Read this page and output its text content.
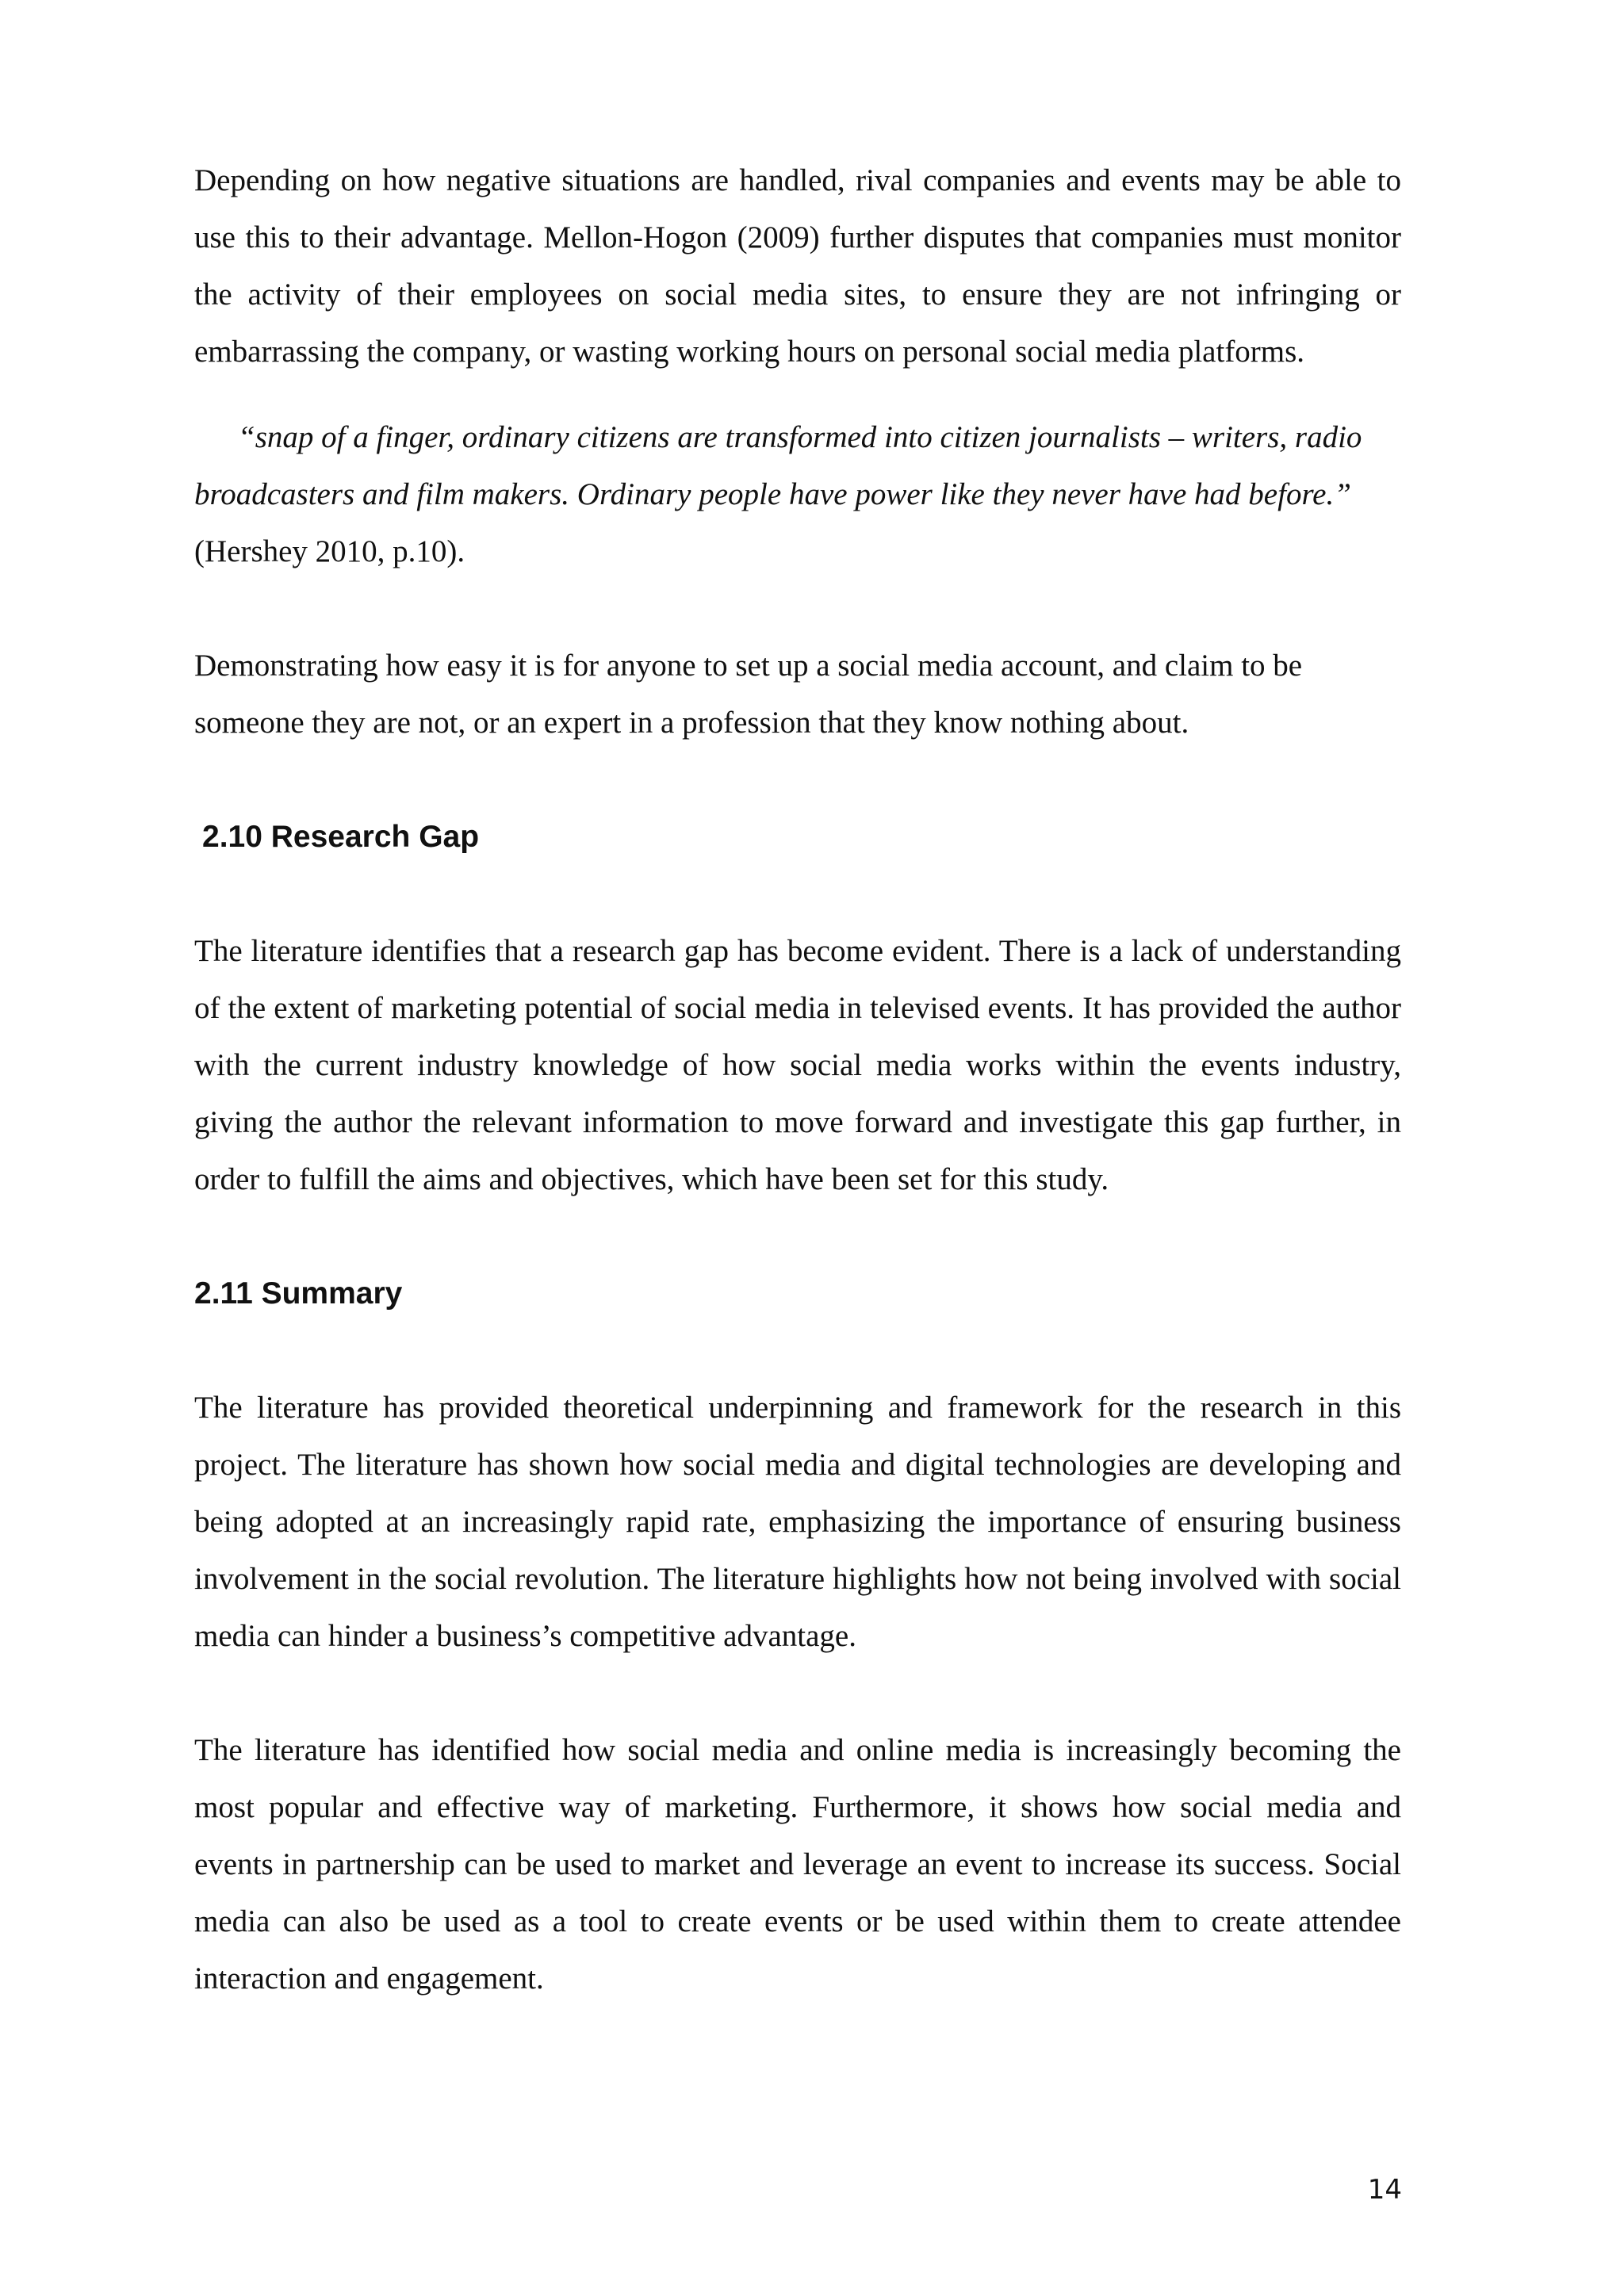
Depending on how negative situations are handled, rival companies and events may be able to use this to their advantage. Mellon-Hogon (2009) further disputes that companies must monitor the activity of their employees on social media sites, to ensure they are not infringing or embarrassing the company, or wasting working hours on personal social media platforms.

“snap of a finger, ordinary citizens are transformed into citizen journalists – writers, radio broadcasters and film makers. Ordinary people have power like they never have had before.” (Hershey 2010, p.10).

Demonstrating how easy it is for anyone to set up a social media account, and claim to be someone they are not, or an expert in a profession that they know nothing about.

2.10 Research Gap

The literature identifies that a research gap has become evident. There is a lack of understanding of the extent of marketing potential of social media in televised events. It has provided the author with the current industry knowledge of how social media works within the events industry, giving the author the relevant information to move forward and investigate this gap further, in order to fulfill the aims and objectives, which have been set for this study.

2.11 Summary

The literature has provided theoretical underpinning and framework for the research in this project. The literature has shown how social media and digital technologies are developing and being adopted at an increasingly rapid rate, emphasizing the importance of ensuring business involvement in the social revolution. The literature highlights how not being involved with social media can hinder a business’s competitive advantage.

The literature has identified how social media and online media is increasingly becoming the most popular and effective way of marketing. Furthermore, it shows how social media and events in partnership can be used to market and leverage an event to increase its success. Social media can also be used as a tool to create events or be used within them to create attendee interaction and engagement.

14
